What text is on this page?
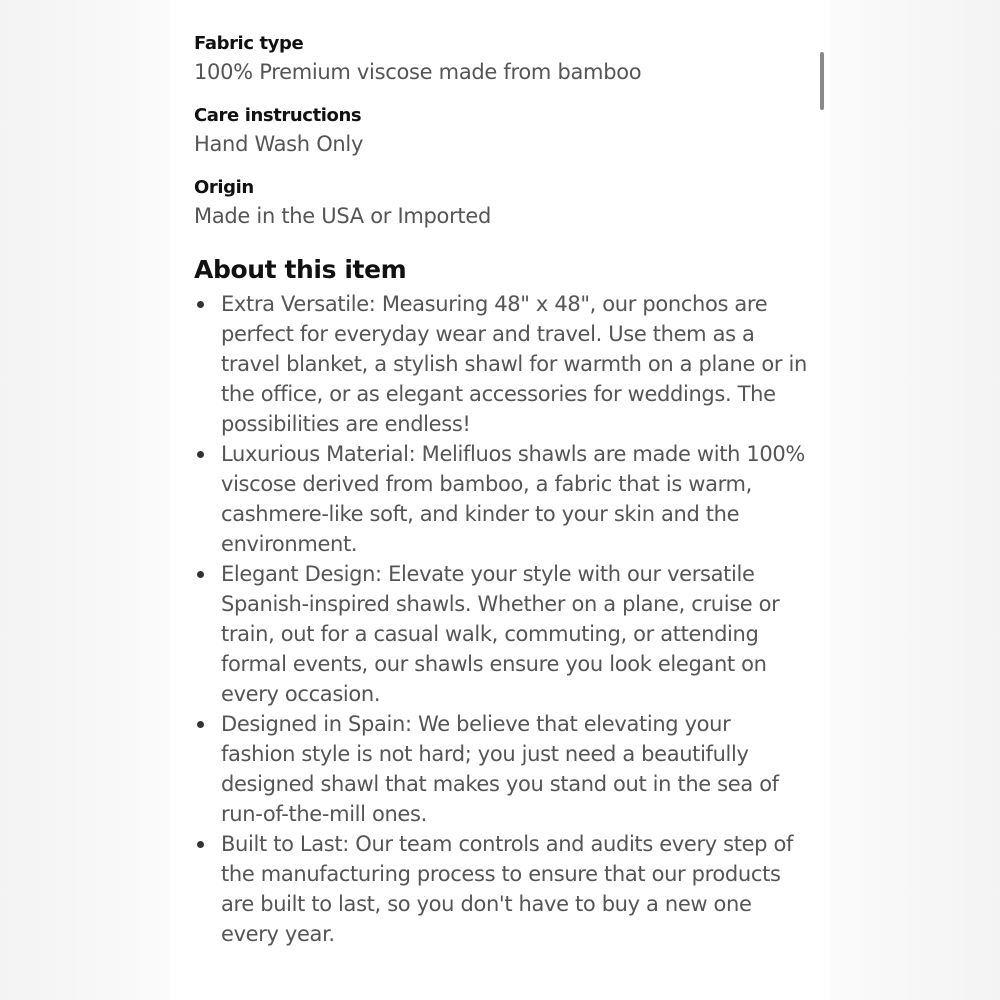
Fabric type

100% Premium viscose made from bamboo

Care instructions

Hand Wash Only

Origin

Made in the USA or Imported

About this item
Extra Versatile: Measuring 48" x 48", our ponchos are perfect for everyday wear and travel. Use them as a travel blanket, a stylish shawl for warmth on a plane or in the office, or as elegant accessories for weddings. The possibilities are endless!
Luxurious Material: Melifluos shawls are made with 100% viscose derived from bamboo, a fabric that is warm, cashmere-like soft, and kinder to your skin and the environment.
Elegant Design: Elevate your style with our versatile Spanish-inspired shawls. Whether on a plane, cruise or train, out for a casual walk, commuting, or attending formal events, our shawls ensure you look elegant on every occasion.
Designed in Spain: We believe that elevating your fashion style is not hard; you just need a beautifully designed shawl that makes you stand out in the sea of run-of-the-mill ones.
Built to Last: Our team controls and audits every step of the manufacturing process to ensure that our products are built to last, so you don't have to buy a new one every year.
